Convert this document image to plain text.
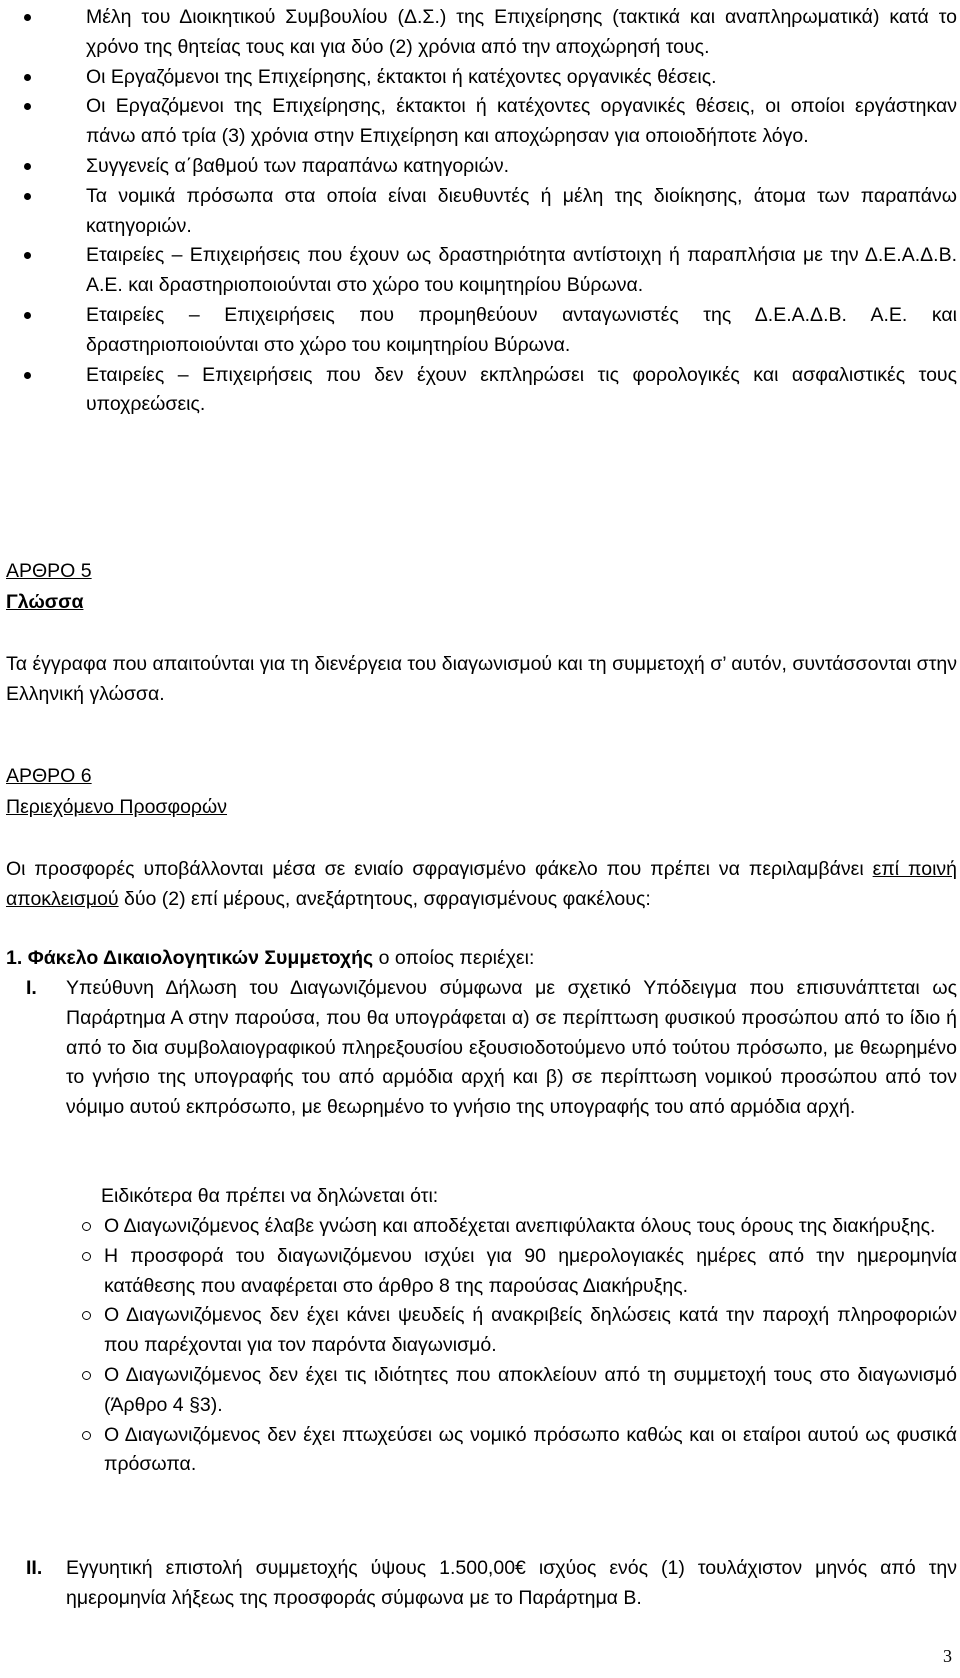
Μέλη του Διοικητικού Συμβουλίου (Δ.Σ.) της Επιχείρησης (τακτικά και αναπληρωματικά) κατά το χρόνο της θητείας τους και για δύο (2) χρόνια από την αποχώρησή τους.
Οι Εργαζόμενοι της Επιχείρησης, έκτακτοι ή κατέχοντες οργανικές θέσεις.
Οι Εργαζόμενοι της Επιχείρησης, έκτακτοι ή κατέχοντες οργανικές θέσεις, οι οποίοι εργάστηκαν πάνω από τρία (3) χρόνια στην Επιχείρηση και αποχώρησαν για οποιοδήποτε λόγο.
Συγγενείς α΄βαθμού των παραπάνω κατηγοριών.
Τα νομικά πρόσωπα στα οποία είναι διευθυντές ή μέλη της διοίκησης, άτομα των παραπάνω κατηγοριών.
Εταιρείες – Επιχειρήσεις που έχουν ως δραστηριότητα αντίστοιχη ή παραπλήσια με την Δ.Ε.Α.Δ.Β. Α.Ε. και δραστηριοποιούνται στο χώρο του κοιμητηρίου Βύρωνα.
Εταιρείες – Επιχειρήσεις που προμηθεύουν ανταγωνιστές της Δ.Ε.Α.Δ.Β. Α.Ε. και δραστηριοποιούνται στο χώρο του κοιμητηρίου Βύρωνα.
Εταιρείες – Επιχειρήσεις που δεν έχουν εκπληρώσει τις φορολογικές και ασφαλιστικές τους υποχρεώσεις.

ΑΡΘΡΟ 5

Γλώσσα

Τα έγγραφα που απαιτούνται για τη διενέργεια του διαγωνισμού και τη συμμετοχή σ’ αυτόν, συντάσσονται στην Ελληνική γλώσσα.

ΑΡΘΡΟ 6

Περιεχόμενο Προσφορών

Οι προσφορές υποβάλλονται μέσα σε ενιαίο σφραγισμένο φάκελο που πρέπει να περιλαμβάνει επί ποινή αποκλεισμού δύο (2) επί μέρους, ανεξάρτητους, σφραγισμένους φακέλους:

1. Φάκελο Δικαιολογητικών Συμμετοχής ο οποίος περιέχει:

I. Υπεύθυνη Δήλωση του Διαγωνιζόμενου σύμφωνα με σχετικό Υπόδειγμα που επισυνάπτεται ως Παράρτημα Α στην παρούσα, που θα υπογράφεται α) σε περίπτωση φυσικού προσώπου από το ίδιο ή από το δια συμβολαιογραφικού πληρεξουσίου εξουσιοδοτούμενο υπό τούτου πρόσωπο, με θεωρημένο το γνήσιο της υπογραφής του από αρμόδια αρχή και β) σε περίπτωση νομικού προσώπου από τον νόμιμο αυτού εκπρόσωπο, με θεωρημένο το γνήσιο της υπογραφής του από αρμόδια αρχή.

Ειδικότερα θα πρέπει να δηλώνεται ότι:

Ο Διαγωνιζόμενος έλαβε γνώση και αποδέχεται ανεπιφύλακτα όλους τους όρους της διακήρυξης.
Η προσφορά του διαγωνιζόμενου ισχύει για 90 ημερολογιακές ημέρες από την ημερομηνία κατάθεσης που αναφέρεται στο άρθρο 8 της παρούσας Διακήρυξης.
Ο Διαγωνιζόμενος δεν έχει κάνει ψευδείς ή ανακριβείς δηλώσεις κατά την παροχή πληροφοριών που παρέχονται για τον παρόντα διαγωνισμό.
Ο Διαγωνιζόμενος δεν έχει τις ιδιότητες που αποκλείουν από τη συμμετοχή τους στο διαγωνισμό (Άρθρο 4 §3).
Ο Διαγωνιζόμενος δεν έχει πτωχεύσει ως νομικό πρόσωπο καθώς και οι εταίροι αυτού ως φυσικά πρόσωπα.
II. Εγγυητική επιστολή συμμετοχής ύψους 1.500,00€ ισχύος ενός (1) τουλάχιστον μηνός από την ημερομηνία λήξεως της προσφοράς σύμφωνα με το Παράρτημα Β.

3
